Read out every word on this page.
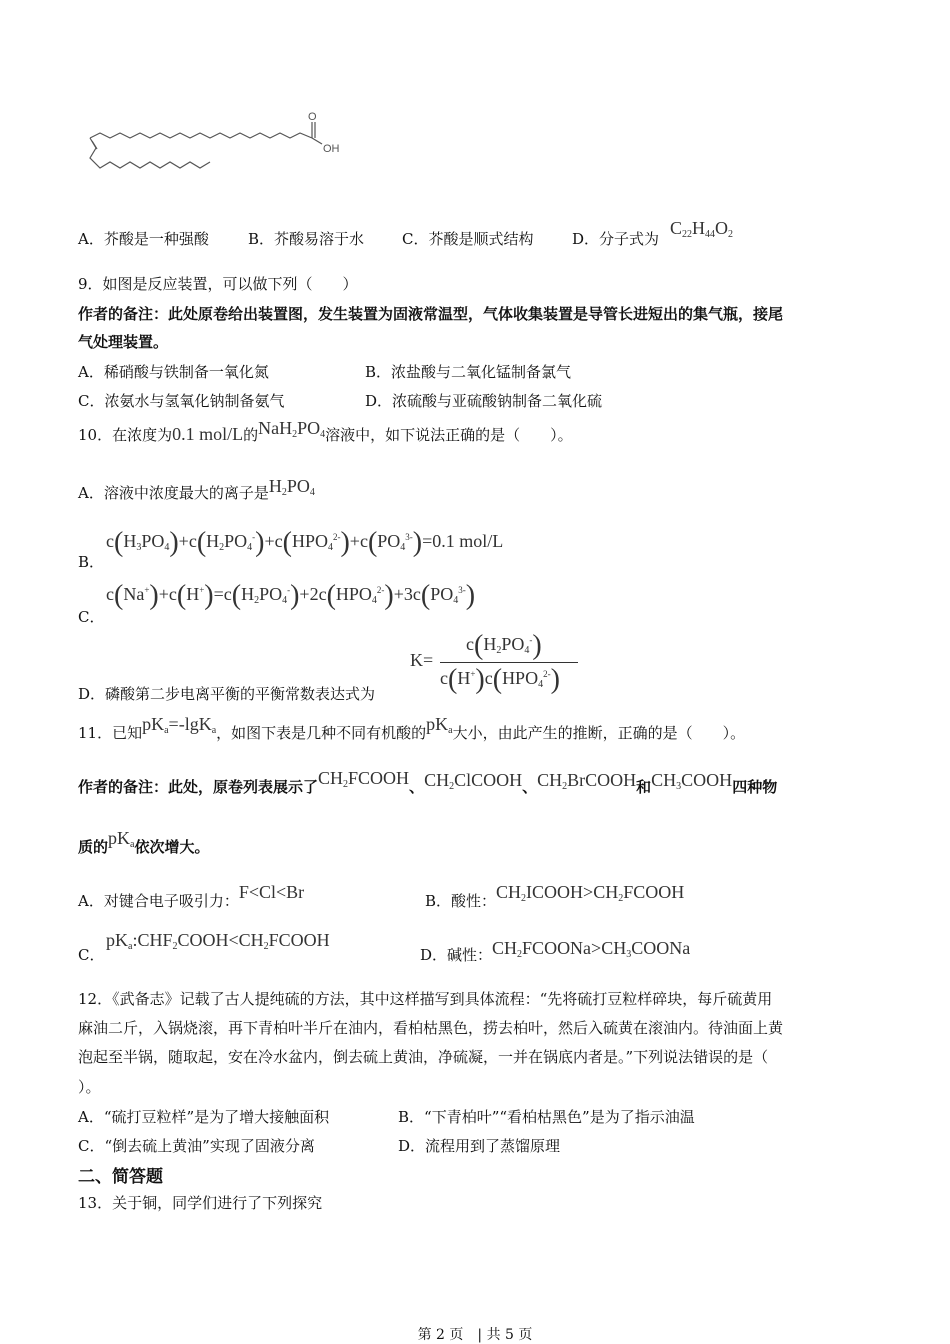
O
OH
A．芥酸是一种强酸	B．芥酸易溶于水	C．芥酸是顺式结构	D．分子式为
$C_{22}H_{44}O_2$
9．如图是反应装置，可以做下列（　　）
作者的备注：此处原卷给出装置图，发生装置为固液常温型，气体收集装置是导管长进短出的集气瓶，接尾
气处理装置。
A．稀硝酸与铁制备一氧化氮	B．浓盐酸与二氧化锰制备氯气
C．浓氨水与氢氧化钠制备氨气	D．浓硫酸与亚硫酸钠制备二氧化硫
10．在浓度为0.1 mol/L的$NaH_2PO_4$溶液中，如下说法正确的是（　　）。
A．溶液中浓度最大的离子是$H_2PO_4$
B．
$c(H_3PO_4)+c(H_2PO_4^-)+c(HPO_4^{2-})+c(PO_4^{3-})=0.1$ mol/L
C．
$c(Na^+)+c(H^+)=c(H_2PO_4^-)+2c(HPO_4^{2-})+3c(PO_4^{3-})$
D．磷酸第二步电离平衡的平衡常数表达式为
K=
$c(H_2PO_4^-)$
$c(H^+)c(HPO_4^{2-})$
11．已知$pK_a=-\lg K_a$，如图下表是几种不同有机酸的$pK_a$大小，由此产生的推断，正确的是（　　）。
作者的备注：此处，原卷列表展示了$CH_2FCOOH$、$CH_2ClCOOH$、$CH_2BrCOOH$和$CH_3COOH$四种物
质的$pK_a$依次增大。
A．对键合电子吸引力：F<Cl<Br	B．酸性：$CH_2ICOOH>CH_2FCOOH$
C．
$pK_a:CHF_2COOH<CH_2FCOOH$
D．碱性：$CH_2FCOONa>CH_3COONa$
12．《武备志》记载了古人提纯硫的方法，其中这样描写到具体流程：“先将硫打豆粒样碎块，每斤硫黄用
麻油二斤，入锅烧滚，再下青柏叶半斤在油内，看柏枯黑色，捞去柏叶，然后入硫黄在滚油内。待油面上黄
泡起至半锅，随取起，安在冷水盆内，倒去硫上黄油，净硫凝，一并在锅底内者是。”下列说法错误的是（
）。
A．“硫打豆粒样”是为了增大接触面积	B．“下青柏叶”“看柏枯黑色”是为了指示油温
C．“倒去硫上黄油”实现了固液分离	D．流程用到了蒸馏原理
二、简答题
13．关于铜，同学们进行了下列探究
第 2 页　| 共 5 页
